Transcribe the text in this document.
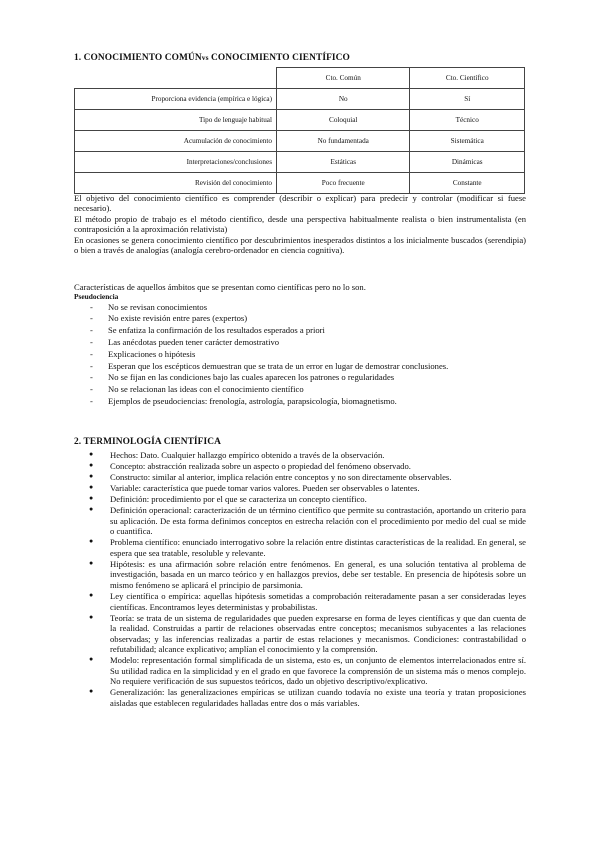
1. CONOCIMIENTO COMÚNvs CONOCIMIENTO CIENTÍFICO
	Cto. Común	Cto. Científico
Proporciona evidencia (empírica e lógica)	No	Sí
Tipo de lenguaje habitual	Coloquial	Técnico
Acumulación de conocimiento	No fundamentada	Sistemática
Interpretaciones/conclusiones	Estáticas	Dinámicas
Revisión del conocimiento	Poco frecuente	Constante

El objetivo del conocimiento científico es comprender (describir o explicar) para predecir y controlar (modificar si fuese necesario).

El método propio de trabajo es el método científico, desde una perspectiva habitualmente realista o bien instrumentalista (en contraposición a la aproximación relativista)

En ocasiones se genera conocimiento científico por descubrimientos inesperados distintos a los inicialmente buscados (serendipia) o bien a través de analogías (analogía cerebro-ordenador en ciencia cognitiva).

Características de aquellos ámbitos que se presentan como científicas pero no lo son.

Pseudociencia

- No se revisan conocimientos
- No existe revisión entre pares (expertos)
- Se enfatiza la confirmación de los resultados esperados a priori
- Las anécdotas pueden tener carácter demostrativo
- Explicaciones o hipótesis
- Esperan que los escépticos demuestran que se trata de un error en lugar de demostrar conclusiones.
- No se fijan en las condiciones bajo las cuales aparecen los patrones o regularidades
- No se relacionan las ideas con el conocimiento científico
- Ejemplos de pseudociencias: frenología, astrología, parapsicología, biomagnetismo.
2. TERMINOLOGÍA CIENTÍFICA
● Hechos: Dato. Cualquier hallazgo empírico obtenido a través de la observación.
● Concepto: abstracción realizada sobre un aspecto o propiedad del fenómeno observado.
● Constructo: similar al anterior, implica relación entre conceptos y no son directamente observables.
● Variable: característica que puede tomar varios valores. Pueden ser observables o latentes.
● Definición: procedimiento por el que se caracteriza un concepto científico.
● Definición operacional: caracterización de un término científico que permite su contrastación, aportando un criterio para su aplicación. De esta forma definimos conceptos en estrecha relación con el procedimiento por medio del cual se mide o cuantifica.
● Problema científico: enunciado interrogativo sobre la relación entre distintas características de la realidad. En general, se espera que sea tratable, resoluble y relevante.
● Hipótesis: es una afirmación sobre relación entre fenómenos. En general, es una solución tentativa al problema de investigación, basada en un marco teórico y en hallazgos previos, debe ser testable. En presencia de hipótesis sobre un mismo fenómeno se aplicará el principio de parsimonia.
● Ley científica o empírica: aquellas hipótesis sometidas a comprobación reiteradamente pasan a ser consideradas leyes científicas. Encontramos leyes deterministas y probabilistas.
● Teoría: se trata de un sistema de regularidades que pueden expresarse en forma de leyes científicas y que dan cuenta de la realidad. Construidas a partir de relaciones observadas entre conceptos; mecanismos subyacentes a las relaciones observadas; y las inferencias realizadas a partir de estas relaciones y mecanismos. Condiciones: contrastabilidad o refutabilidad; alcance explicativo; amplían el conocimiento y la comprensión.
● Modelo: representación formal simplificada de un sistema, esto es, un conjunto de elementos interrelacionados entre sí. Su utilidad radica en la simplicidad y en el grado en que favorece la comprensión de un sistema más o menos complejo. No requiere verificación de sus supuestos teóricos, dado un objetivo descriptivo/explicativo.
● Generalización: las generalizaciones empíricas se utilizan cuando todavía no existe una teoría y tratan proposiciones aisladas que establecen regularidades halladas entre dos o más variables.
